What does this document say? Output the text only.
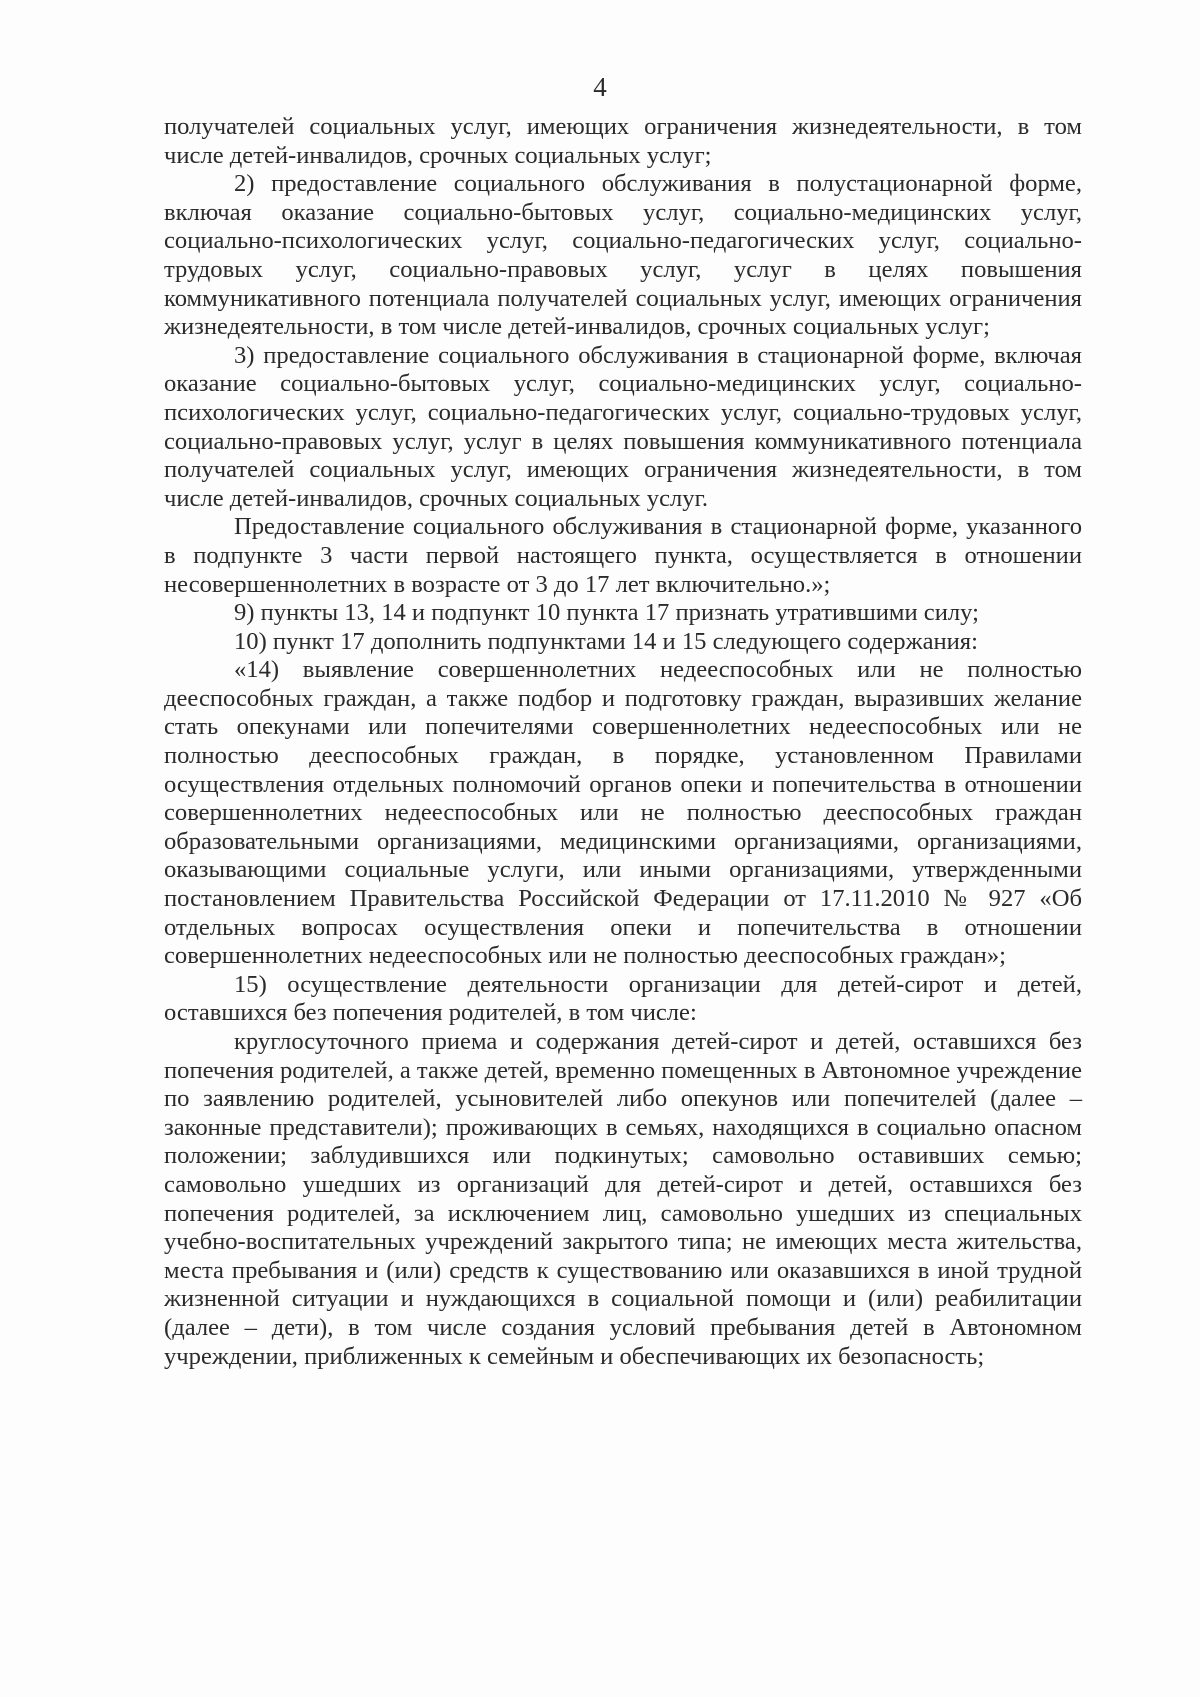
4

получателей социальных услуг, имеющих ограничения жизнедеятельности, в том числе детей-инвалидов, срочных социальных услуг;

2) предоставление социального обслуживания в полустационарной форме, включая оказание социально-бытовых услуг, социально-медицинских услуг, социально-психологических услуг, социально-педагогических услуг, социально-трудовых услуг, социально-правовых услуг, услуг в целях повышения коммуникативного потенциала получателей социальных услуг, имеющих ограничения жизнедеятельности, в том числе детей-инвалидов, срочных социальных услуг;

3) предоставление социального обслуживания в стационарной форме, включая оказание социально-бытовых услуг, социально-медицинских услуг, социально-психологических услуг, социально-педагогических услуг, социально-трудовых услуг, социально-правовых услуг, услуг в целях повышения коммуникативного потенциала получателей социальных услуг, имеющих ограничения жизнедеятельности, в том числе детей-инвалидов, срочных социальных услуг.

Предоставление социального обслуживания в стационарной форме, указанного в подпункте 3 части первой настоящего пункта, осуществляется в отношении несовершеннолетних в возрасте от 3 до 17 лет включительно.»;

9) пункты 13, 14 и подпункт 10 пункта 17 признать утратившими силу;

10) пункт 17 дополнить подпунктами 14 и 15 следующего содержания:

«14) выявление совершеннолетних недееспособных или не полностью дееспособных граждан, а также подбор и подготовку граждан, выразивших желание стать опекунами или попечителями совершеннолетних недееспособных или не полностью дееспособных граждан, в порядке, установленном Правилами осуществления отдельных полномочий органов опеки и попечительства в отношении совершеннолетних недееспособных или не полностью дееспособных граждан образовательными организациями, медицинскими организациями, организациями, оказывающими социальные услуги, или иными организациями, утвержденными постановлением Правительства Российской Федерации от 17.11.2010 № 927 «Об отдельных вопросах осуществления опеки и попечительства в отношении совершеннолетних недееспособных или не полностью дееспособных граждан»;

15) осуществление деятельности организации для детей-сирот и детей, оставшихся без попечения родителей, в том числе:

круглосуточного приема и содержания детей-сирот и детей, оставшихся без попечения родителей, а также детей, временно помещенных в Автономное учреждение по заявлению родителей, усыновителей либо опекунов или попечителей (далее – законные представители); проживающих в семьях, находящихся в социально опасном положении; заблудившихся или подкинутых; самовольно оставивших семью; самовольно ушедших из организаций для детей-сирот и детей, оставшихся без попечения родителей, за исключением лиц, самовольно ушедших из специальных учебно-воспитательных учреждений закрытого типа; не имеющих места жительства, места пребывания и (или) средств к существованию или оказавшихся в иной трудной жизненной ситуации и нуждающихся в социальной помощи и (или) реабилитации (далее – дети), в том числе создания условий пребывания детей в Автономном учреждении, приближенных к семейным и обеспечивающих их безопасность;
